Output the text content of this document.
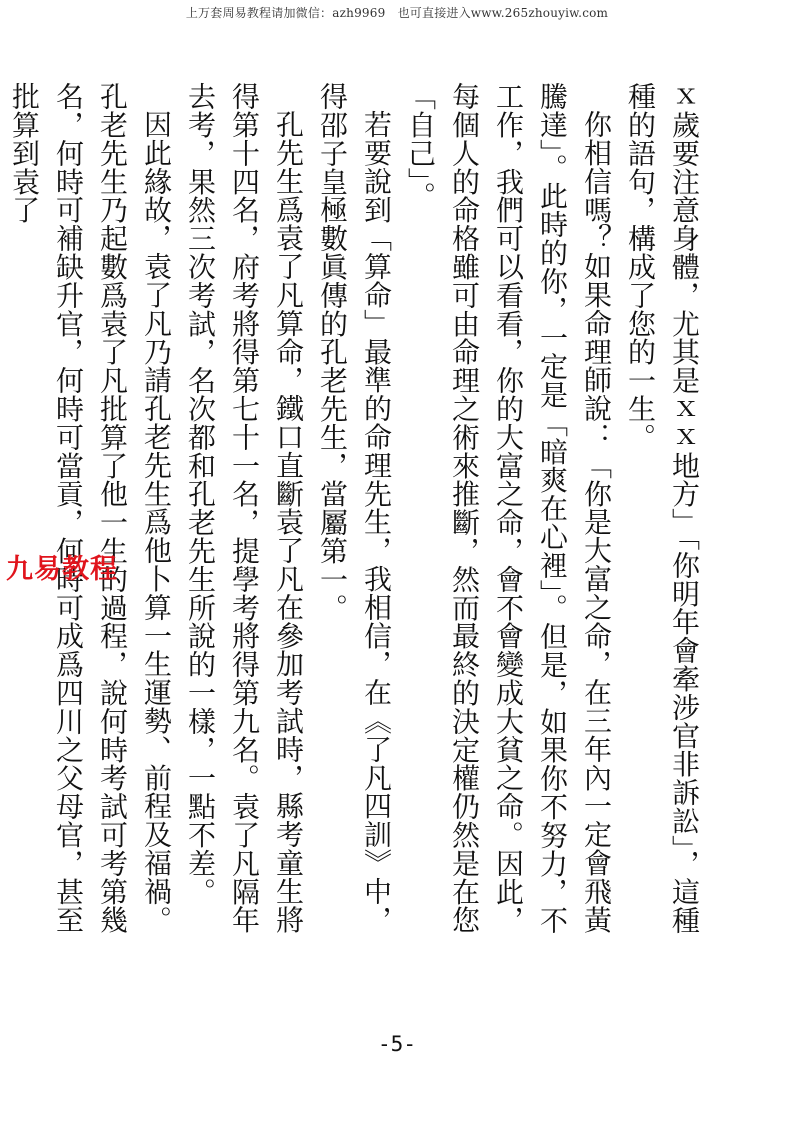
上万套周易教程请加微信：azh9969　也可直接进入www.265zhouyiw.com
九易教程	ｘ歲要注意身體，尤其是ｘｘ地方」「你明年會牽涉官非訴訟」，這種種的語句，構成了您的一生。

你相信嗎？如果命理師說：「你是大富之命，在三年內一定會飛黃騰達」。此時的你，一定是「暗爽在心裡」。但是，如果你不努力，不工作，我們可以看看，你的大富之命，會不會變成大貧之命。因此，每個人的命格雖可由命理之術來推斷，然而最終的決定權仍然是在您「自己」。

若要說到「算命」最準的命理先生，我相信，在《了凡四訓》中，得邵子皇極數眞傳的孔老先生，當屬第一。

孔先生爲袁了凡算命，鐵口直斷袁了凡在參加考試時，縣考童生將得第十四名，府考將得第七十一名，提學考將得第九名。袁了凡隔年去考，果然三次考試，名次都和孔老先生所說的一樣，一點不差。

因此緣故，袁了凡乃請孔老先生爲他卜算一生運勢、前程及福禍。孔老先生乃起數爲袁了凡批算了他一生的過程，說何時考試可考第幾名，何時可補缺升官，何時可當貢，何時可成爲四川之父母官，甚至批算到袁了

-5-
